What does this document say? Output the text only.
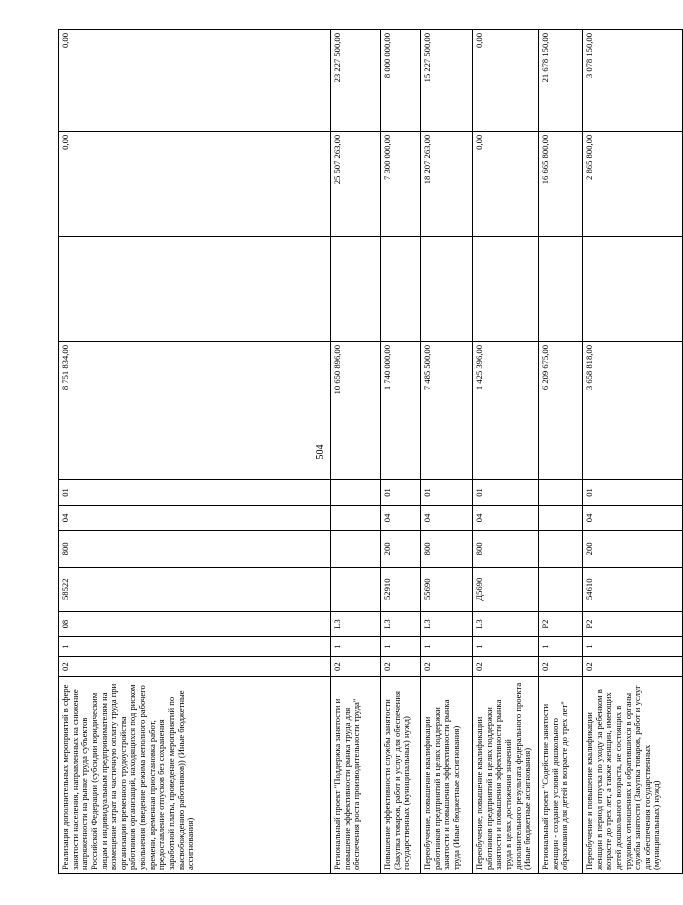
504
Реализация дополнительных мероприятий в сфере занятости населения, направленных на снижение напряженности на рынке труда субъектов Российской Федерации (субсидии юридическим лицам и индивидуальным предпринимателям на возмещение затрат на частичную оплату труда при организации временного трудоустройства работников организаций, находящихся под риском увольнения (введение режима неполного рабочего времени, временная приостановка работ, предоставление отпусков без сохранения заработной платы, проведение мероприятий по высвобождению работников)) (Иные бюджетные ассигнования)	02	1	08	58522	800	04	01	8 751 834,00		0,00	0,00
Региональный проект "Поддержка занятости и повышение эффективности рынка труда для обеспечения роста производительности труда"	02	1	L3					10 650 896,00		25 507 263,00	23 227 500,00
Повышение эффективности службы занятости (Закупка товаров, работ и услуг для обеспечения государственных (муниципальных) нужд)	02	1	L3	52910	200	04	01	1 740 000,00		7 300 000,00	8 000 000,00
Переобучение, повышение квалификации работников предприятий в целях поддержки занятости и повышения эффективности рынка труда (Иные бюджетные ассигнования)	02	1	L3	55690	800	04	01	7 485 500,00		18 207 263,00	15 227 500,00
Переобучение, повышение квалификации работников предприятий в целях поддержки занятости и повышения эффективности рынка труда в целях достижения значений дополнительного результата федерального проекта (Иные бюджетные ассигнования)	02	1	L3	Д5690	800	04	01	1 425 396,00		0,00	0,00
Региональный проект "Содействие занятости женщин - создание условий дошкольного образования для детей в возрасте до трех лет"	02	1	P2					6 209 675,00		16 665 800,00	21 678 150,00
Переобучение и повышение квалификации женщин в период отпуска по уходу за ребенком в возрасте до трех лет, а также женщин, имеющих детей дошкольного возраста, не состоящих в трудовых отношениях и обратившихся в органы службы занятости (Закупка товаров, работ и услуг для обеспечения государственных (муниципальных) нужд)	02	1	P2	54610	200	04	01	3 658 818,00		2 865 800,00	3 078 150,00
